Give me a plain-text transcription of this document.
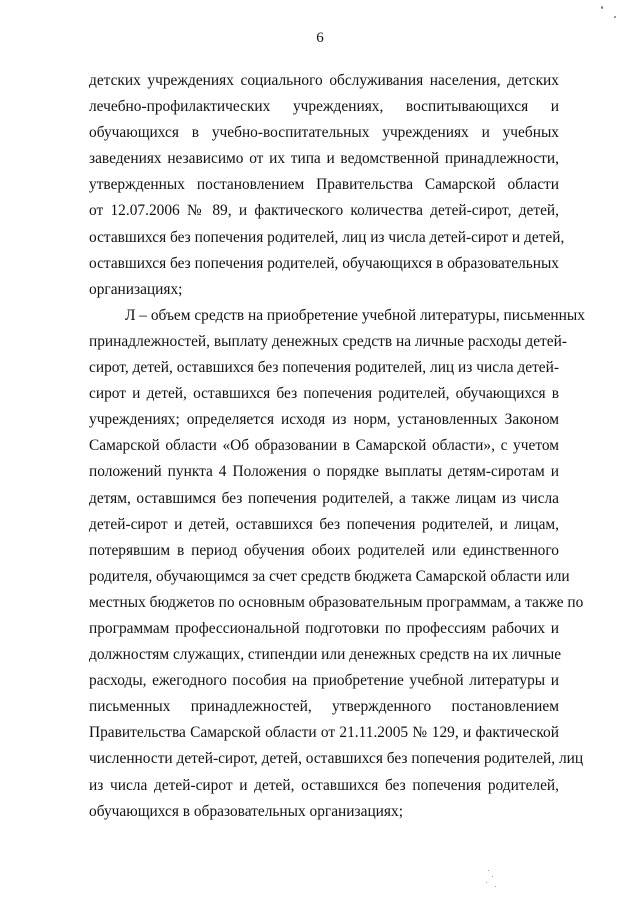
6
детских учреждениях социального обслуживания населения, детских
лечебно-профилактических учреждениях, воспитывающихся и
обучающихся в учебно-воспитательных учреждениях и учебных
заведениях независимо от их типа и ведомственной принадлежности,
утвержденных постановлением Правительства Самарской области
от 12.07.2006 № 89, и фактического количества детей-сирот, детей,
оставшихся без попечения родителей, лиц из числа детей-сирот и детей,
оставшихся без попечения родителей, обучающихся в образовательных
организациях;
Л – объем средств на приобретение учебной литературы, письменных
принадлежностей, выплату денежных средств на личные расходы детей-
сирот, детей, оставшихся без попечения родителей, лиц из числа детей-
сирот и детей, оставшихся без попечения родителей, обучающихся в
учреждениях; определяется исходя из норм, установленных Законом
Самарской области «Об образовании в Самарской области», с учетом
положений пункта 4 Положения о порядке выплаты детям-сиротам и
детям, оставшимся без попечения родителей, а также лицам из числа
детей-сирот и детей, оставшихся без попечения родителей, и лицам,
потерявшим в период обучения обоих родителей или единственного
родителя, обучающимся за счет средств бюджета Самарской области или
местных бюджетов по основным образовательным программам, а также по
программам профессиональной подготовки по профессиям рабочих и
должностям служащих, стипендии или денежных средств на их личные
расходы, ежегодного пособия на приобретение учебной литературы и
письменных принадлежностей, утвержденного постановлением
Правительства Самарской области от 21.11.2005 № 129, и фактической
численности детей-сирот, детей, оставшихся без попечения родителей, лиц
из числа детей-сирот и детей, оставшихся без попечения родителей,
обучающихся в образовательных организациях;
